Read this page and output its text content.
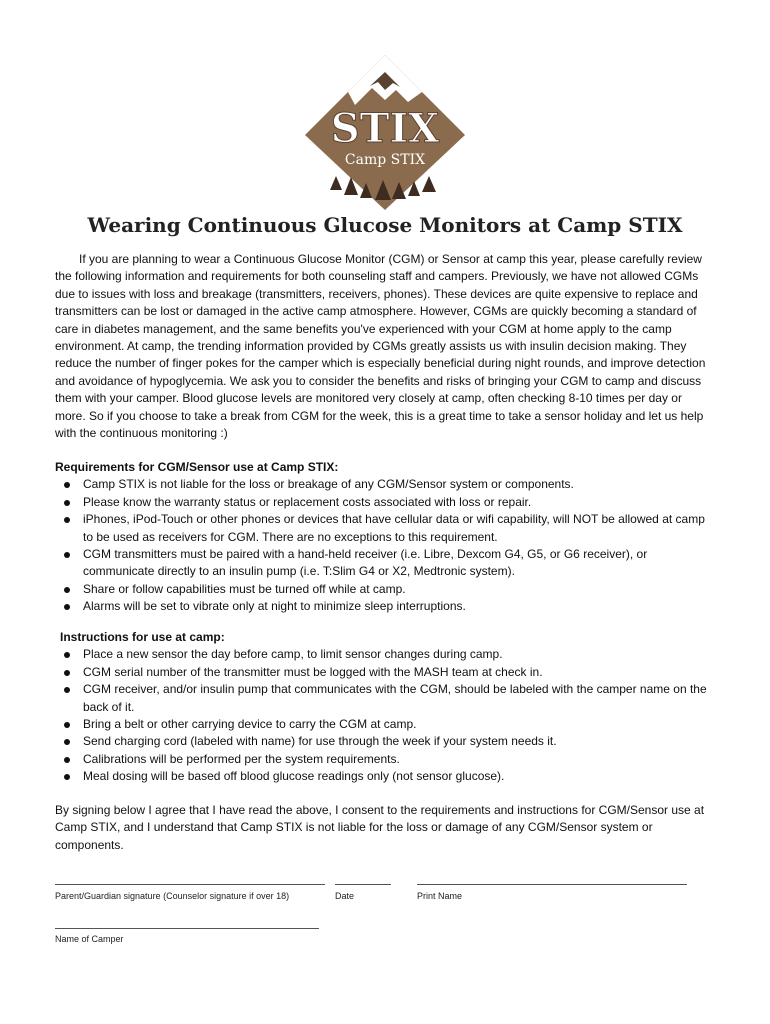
STIX
Camp STIX
Wearing Continuous Glucose Monitors at Camp STIX

If you are planning to wear a Continuous Glucose Monitor (CGM) or Sensor at camp this year, please carefully review the following information and requirements for both counseling staff and campers. Previously, we have not allowed CGMs due to issues with loss and breakage (transmitters, receivers, phones). These devices are quite expensive to replace and transmitters can be lost or damaged in the active camp atmosphere. However, CGMs are quickly becoming a standard of care in diabetes management, and the same benefits you've experienced with your CGM at home apply to the camp environment. At camp, the trending information provided by CGMs greatly assists us with insulin decision making. They reduce the number of finger pokes for the camper which is especially beneficial during night rounds, and improve detection and avoidance of hypoglycemia. We ask you to consider the benefits and risks of bringing your CGM to camp and discuss them with your camper. Blood glucose levels are monitored very closely at camp, often checking 8-10 times per day or more. So if you choose to take a break from CGM for the week, this is a great time to take a sensor holiday and let us help with the continuous monitoring :)

Requirements for CGM/Sensor use at Camp STIX:
Camp STIX is not liable for the loss or breakage of any CGM/Sensor system or components.
Please know the warranty status or replacement costs associated with loss or repair.
iPhones, iPod-Touch or other phones or devices that have cellular data or wifi capability, will NOT be allowed at camp to be used as receivers for CGM. There are no exceptions to this requirement.
CGM transmitters must be paired with a hand-held receiver (i.e. Libre, Dexcom G4, G5, or G6 receiver), or communicate directly to an insulin pump (i.e. T:Slim G4 or X2, Medtronic system).
Share or follow capabilities must be turned off while at camp.
Alarms will be set to vibrate only at night to minimize sleep interruptions.
Instructions for use at camp:
Place a new sensor the day before camp, to limit sensor changes during camp.
CGM serial number of the transmitter must be logged with the MASH team at check in.
CGM receiver, and/or insulin pump that communicates with the CGM, should be labeled with the camper name on the back of it.
Bring a belt or other carrying device to carry the CGM at camp.
Send charging cord (labeled with name) for use through the week if your system needs it.
Calibrations will be performed per the system requirements.
Meal dosing will be based off blood glucose readings only (not sensor glucose).

By signing below I agree that I have read the above, I consent to the requirements and instructions for CGM/Sensor use at Camp STIX, and I understand that Camp STIX is not liable for the loss or damage of any CGM/Sensor system or components.

Parent/Guardian signature (Counselor signature if over 18)	Date	Print Name
Name of Camper
